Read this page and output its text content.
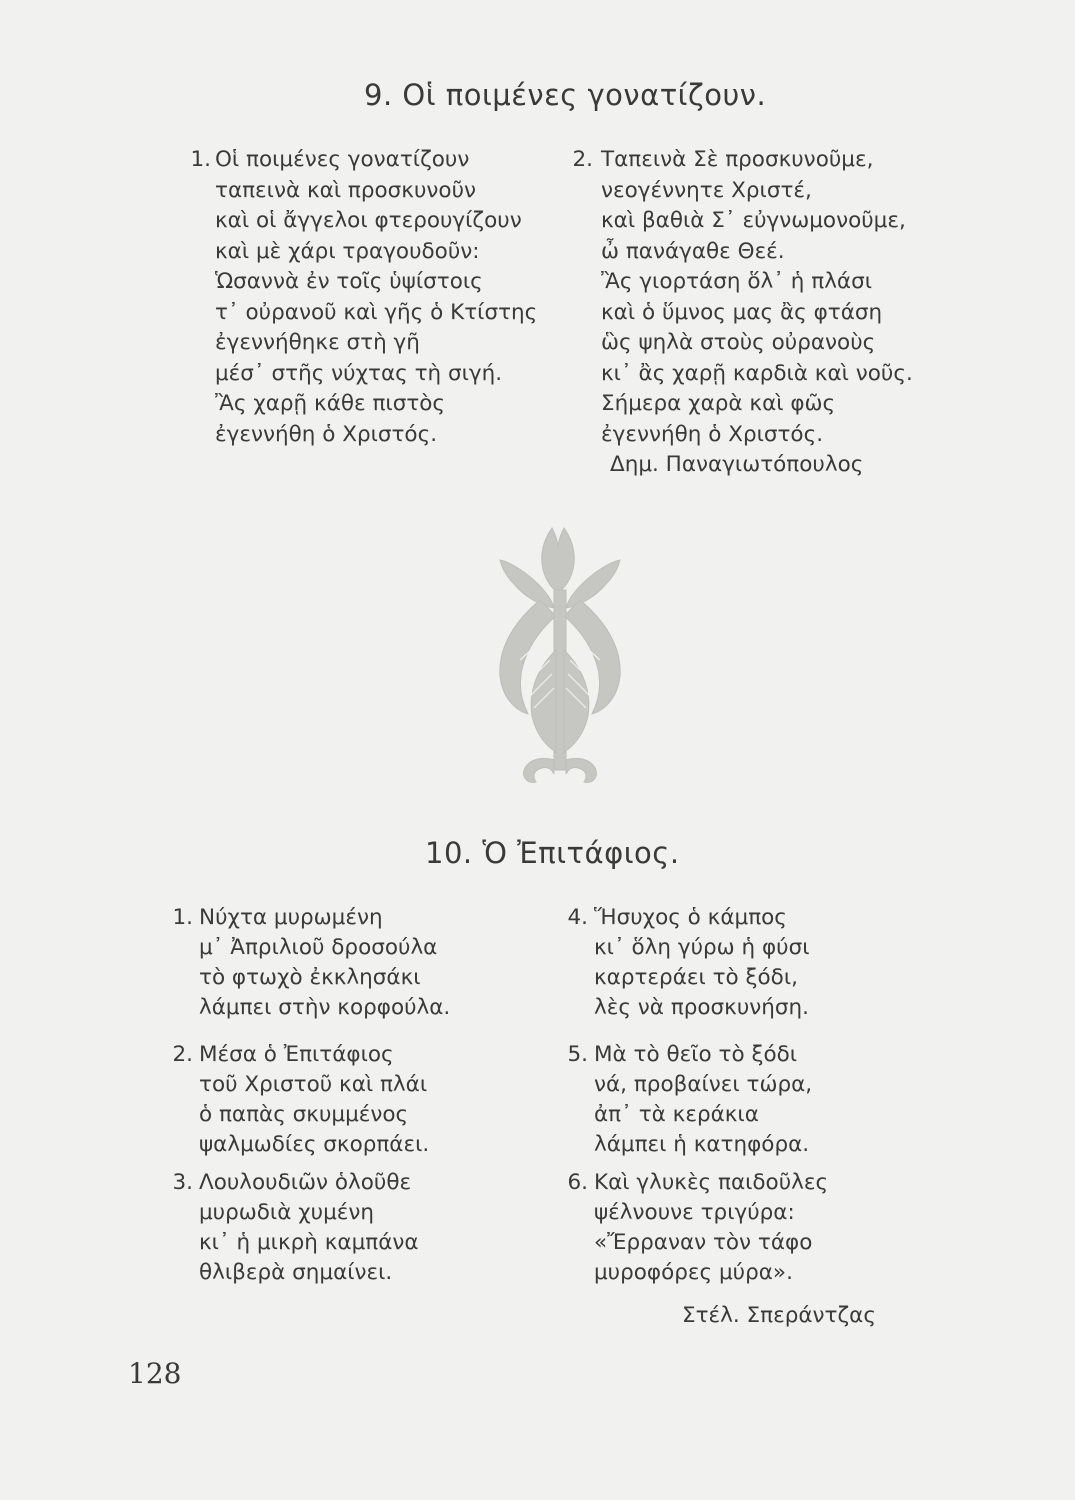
9. Οἱ ποιμένες γονατίζουν.
1. Οἱ ποιμένες γονατίζουν
ταπεινὰ καὶ προσκυνοῦν
καὶ οἱ ἄγγελοι φτερουγίζουν
καὶ μὲ χάρι τραγουδοῦν:
Ὡσαννὰ ἐν τοῖς ὑψίστοις
τ᾿ οὐρανοῦ καὶ γῆς ὁ Κτίστης
ἐγεννήθηκε στὴ γῆ
μέσ᾿ στῆς νύχτας τὴ σιγή.
Ἂς χαρῇ κάθε πιστὸς
ἐγεννήθη ὁ Χριστός.
2. Ταπεινὰ Σὲ προσκυνοῦμε,
νεογέννητε Χριστέ,
καὶ βαθιὰ Σ᾿ εὐγνωμονοῦμε,
ὦ πανάγαθε Θεέ.
Ἂς γιορτάση ὅλ᾿ ἡ πλάσι
καὶ ὁ ὕμνος μας ἂς φτάση
ὣς ψηλὰ στοὺς οὐρανοὺς
κι᾿ ἂς χαρῇ καρδιὰ καὶ νοῦς.
Σήμερα χαρὰ καὶ φῶς
ἐγεννήθη ὁ Χριστός.
Δημ. Παναγιωτόπουλος
10. Ὁ Ἐπιτάφιος.
1. Νύχτα μυρωμένη
μ᾿ Ἀπριλιοῦ δροσούλα
τὸ φτωχὸ ἐκκλησάκι
λάμπει στὴν κορφούλα.
2. Μέσα ὁ Ἐπιτάφιος
τοῦ Χριστοῦ καὶ πλάι
ὁ παπὰς σκυμμένος
ψαλμωδίες σκορπάει.
3. Λουλουδιῶν ὁλοῦθε
μυρωδιὰ χυμένη
κι᾿ ἡ μικρὴ καμπάνα
θλιβερὰ σημαίνει.
4. Ἥσυχος ὁ κάμπος
κι᾿ ὅλη γύρω ἡ φύσι
καρτεράει τὸ ξόδι,
λὲς νὰ προσκυνήση.
5. Μὰ τὸ θεῖο τὸ ξόδι
νά, προβαίνει τώρα,
ἀπ᾿ τὰ κεράκια
λάμπει ἡ κατηφόρα.
6. Καὶ γλυκὲς παιδοῦλες
ψέλνουνε τριγύρα:
«Ἔρραναν τὸν τάφο
μυροφόρες μύρα».
Στέλ. Σπεράντζας
128
